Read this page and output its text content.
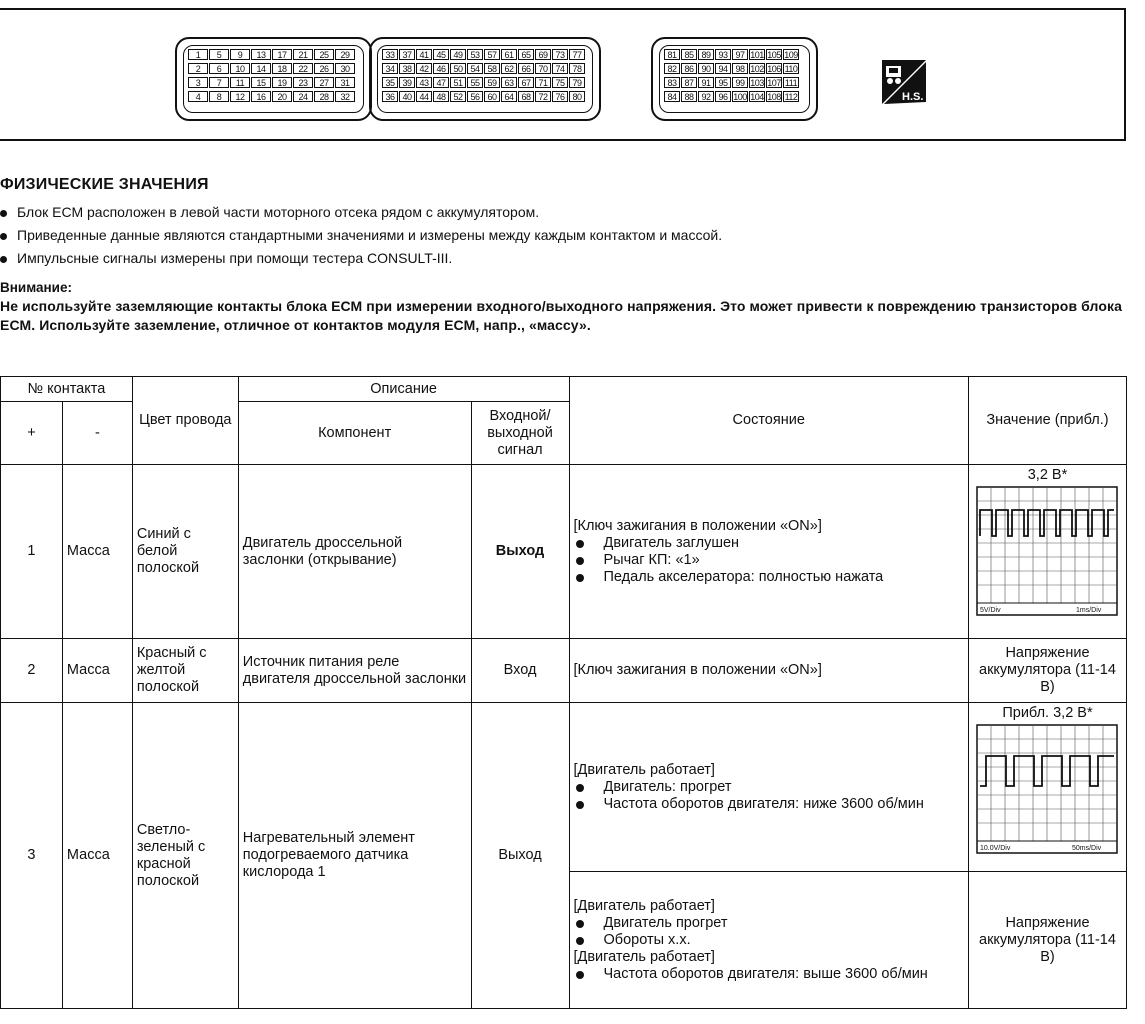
1	5	9	13	17	21	25	29
2	6	10	14	18	22	26	30
3	7	11	15	19	23	27	31
4	8	12	16	20	24	28	32
33 37 41 45 49 53 57 61 65 69 73 77
34 38 42 46 50 54 58 62 66 70 74 78
35 39 43 47 51 55 59 63 67 71 75 79
36 40 44 48 52 56 60 64 68 72 76 80
81 85 89 93 97 101 105 109
82 86 90 94 98 102 106 110
83 87 91 95 99 103 107 111
84 88 92 96 100 104 108 112	H.S.
ФИЗИЧЕСКИЕ ЗНАЧЕНИЯ

Блок ЕСМ расположен в левой части моторного отсека рядом с аккумулятором.

Приведенные данные являются стандартными значениями и измерены между каждым контактом и массой.

Импульсные сигналы измерены при помощи тестера CONSULT-III.

Внимание:

Не используйте заземляющие контакты блока ЕСМ при измерении входного/выходного напряжения. Это может привести к повреждению транзисторов блока ЕСМ. Используйте заземление, отличное от контактов модуля ЕСМ, напр., «массу».

№ контакта		Цвет провода	Описание		Состояние	Значение (прибл.)
+	-		Компонент	Входной/ выходной сигнал		
1	Масса	Синий с белой полоской	Двигатель дроссельной заслонки (открывание)	Выход	[Ключ зажигания в положении «ON»]
Двигатель заглушен
Рычаг КП: «1»
Педаль акселератора: полностью нажата	3,2 В*
5V/Div 1ms/Div

2	Масса	Красный с желтой полоской	Источник питания реле двигателя дроссельной заслонки	Вход	[Ключ зажигания в положении «ON»]	Напряжение аккумулятора (11-14 В)
3	Масса	Светло-зеленый с красной полоской	Нагревательный элемент подогреваемого датчика кислорода 1	Выход	[Двигатель работает]
Двигатель: прогрет
Частота оборотов двигателя: ниже 3600 об/мин	Прибл. 3,2 В*
10.0V/Div 50ms/Div

					[Двигатель работает]
Двигатель прогрет
Обороты х.х.
[Двигатель работает]
Частота оборотов двигателя: выше 3600 об/мин	Напряжение аккумулятора (11-14 В)
